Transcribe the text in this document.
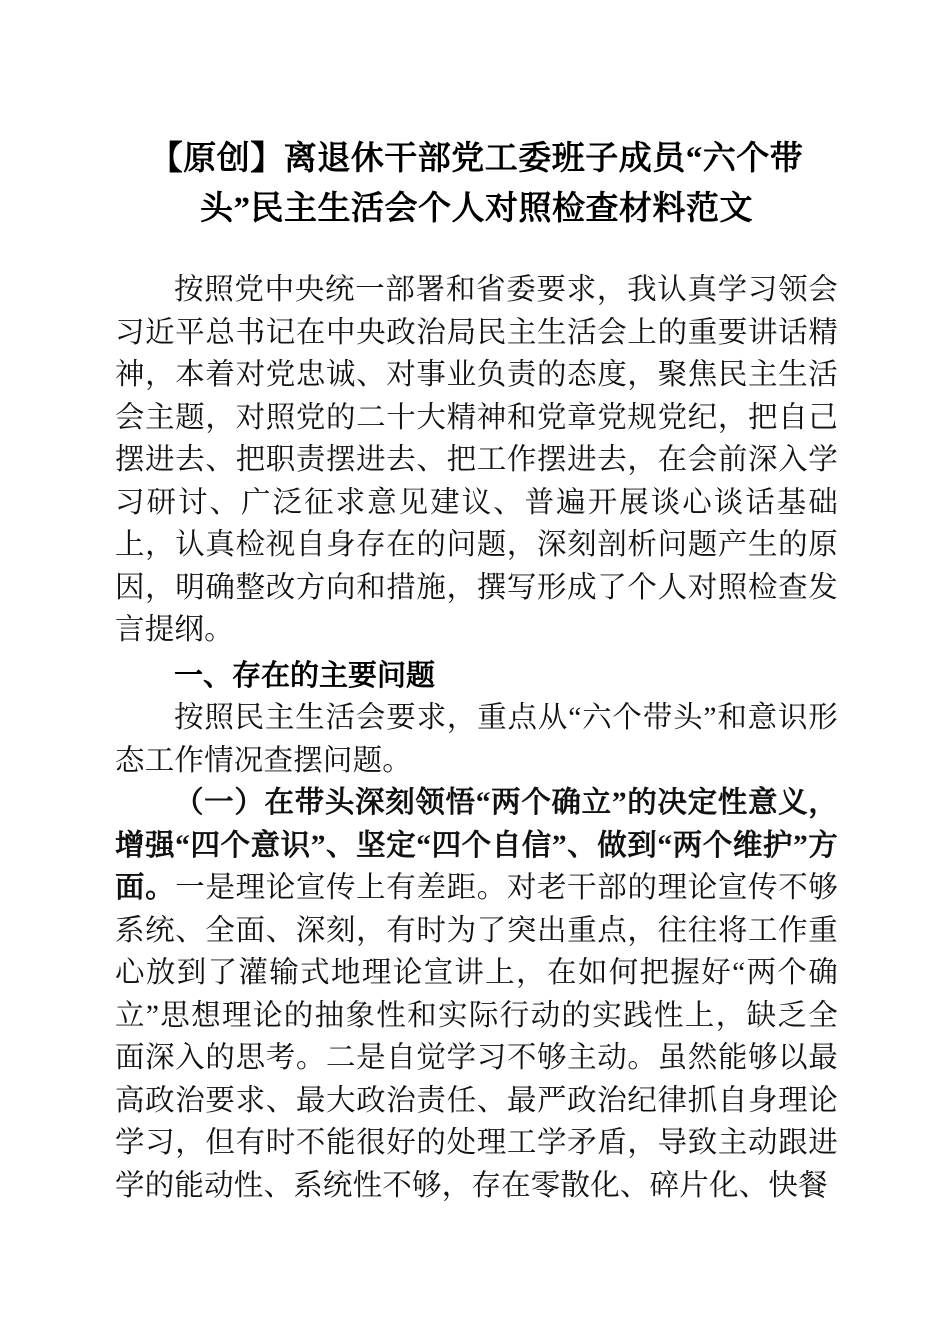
【原创】离退休干部党工委班子成员“六个带头”民主生活会个人对照检查材料范文

按照党中央统一部署和省委要求，我认真学习领会习近平总书记在中央政治局民主生活会上的重要讲话精神，本着对党忠诚、对事业负责的态度，聚焦民主生活会主题，对照党的二十大精神和党章党规党纪，把自己摆进去、把职责摆进去、把工作摆进去，在会前深入学习研讨、广泛征求意见建议、普遍开展谈心谈话基础上，认真检视自身存在的问题，深刻剖析问题产生的原因，明确整改方向和措施，撰写形成了个人对照检查发言提纲。

一、存在的主要问题

按照民主生活会要求，重点从“六个带头”和意识形态工作情况查摆问题。

（一）在带头深刻领悟“两个确立”的决定性意义，增强“四个意识”、坚定“四个自信”、做到“两个维护”方面。一是理论宣传上有差距。对老干部的理论宣传不够系统、全面、深刻，有时为了突出重点，往往将工作重心放到了灌输式地理论宣讲上，在如何把握好“两个确立”思想理论的抽象性和实际行动的实践性上，缺乏全面深入的思考。二是自觉学习不够主动。虽然能够以最高政治要求、最大政治责任、最严政治纪律抓自身理论学习，但有时不能很好的处理工学矛盾，导致主动跟进学的能动性、系统性不够，存在零散化、碎片化、快餐
